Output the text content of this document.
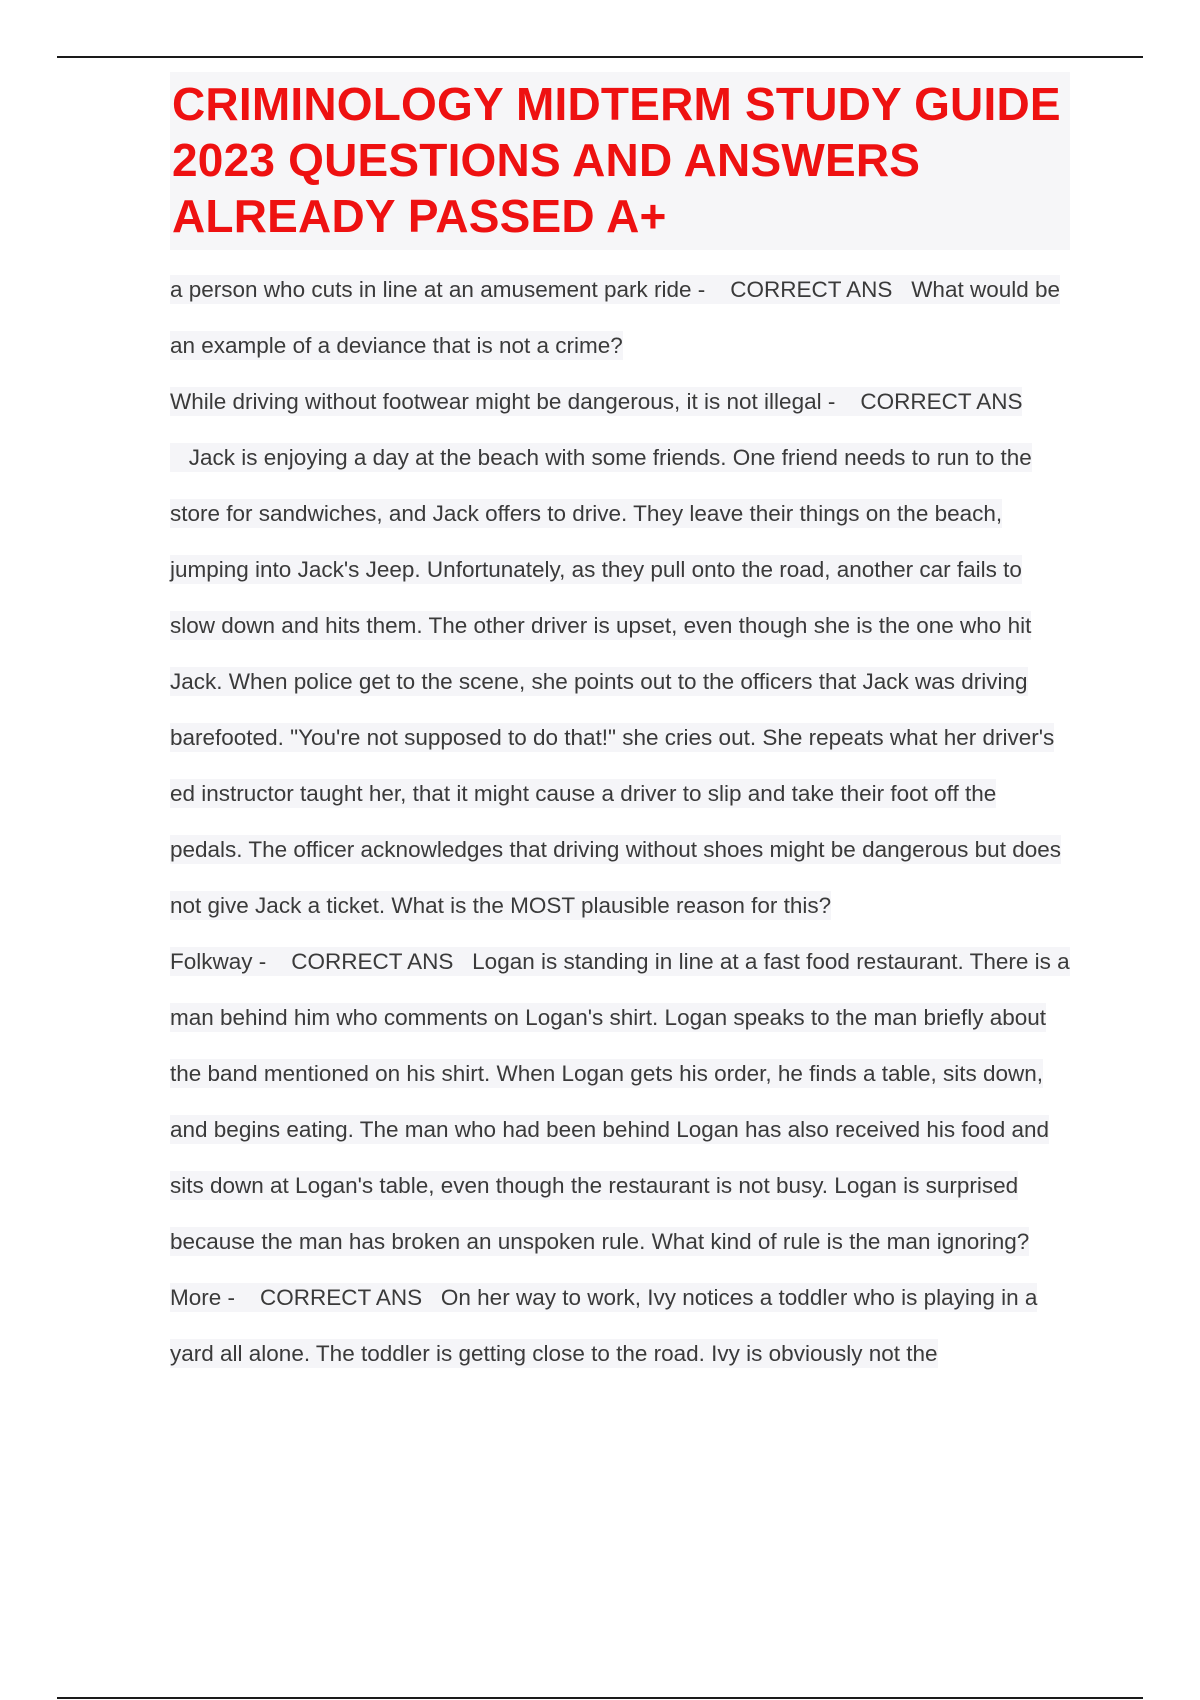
CRIMINOLOGY MIDTERM STUDY GUIDE 2023 QUESTIONS AND ANSWERS ALREADY PASSED A+
a person who cuts in line at an amusement park ride -    CORRECT ANS What would be an example of a deviance that is not a crime?
While driving without footwear might be dangerous, it is not illegal -    CORRECT ANS   Jack is enjoying a day at the beach with some friends. One friend needs to run to the store for sandwiches, and Jack offers to drive. They leave their things on the beach, jumping into Jack's Jeep. Unfortunately, as they pull onto the road, another car fails to slow down and hits them. The other driver is upset, even though she is the one who hit Jack. When police get to the scene, she points out to the officers that Jack was driving barefooted. "You're not supposed to do that!" she cries out. She repeats what her driver's ed instructor taught her, that it might cause a driver to slip and take their foot off the pedals. The officer acknowledges that driving without shoes might be dangerous but does not give Jack a ticket. What is the MOST plausible reason for this?
Folkway -    CORRECT ANS Logan is standing in line at a fast food restaurant. There is a man behind him who comments on Logan's shirt. Logan speaks to the man briefly about the band mentioned on his shirt. When Logan gets his order, he finds a table, sits down, and begins eating. The man who had been behind Logan has also received his food and sits down at Logan's table, even though the restaurant is not busy. Logan is surprised because the man has broken an unspoken rule. What kind of rule is the man ignoring?
More -    CORRECT ANS On her way to work, Ivy notices a toddler who is playing in a yard all alone. The toddler is getting close to the road. Ivy is obviously not the
